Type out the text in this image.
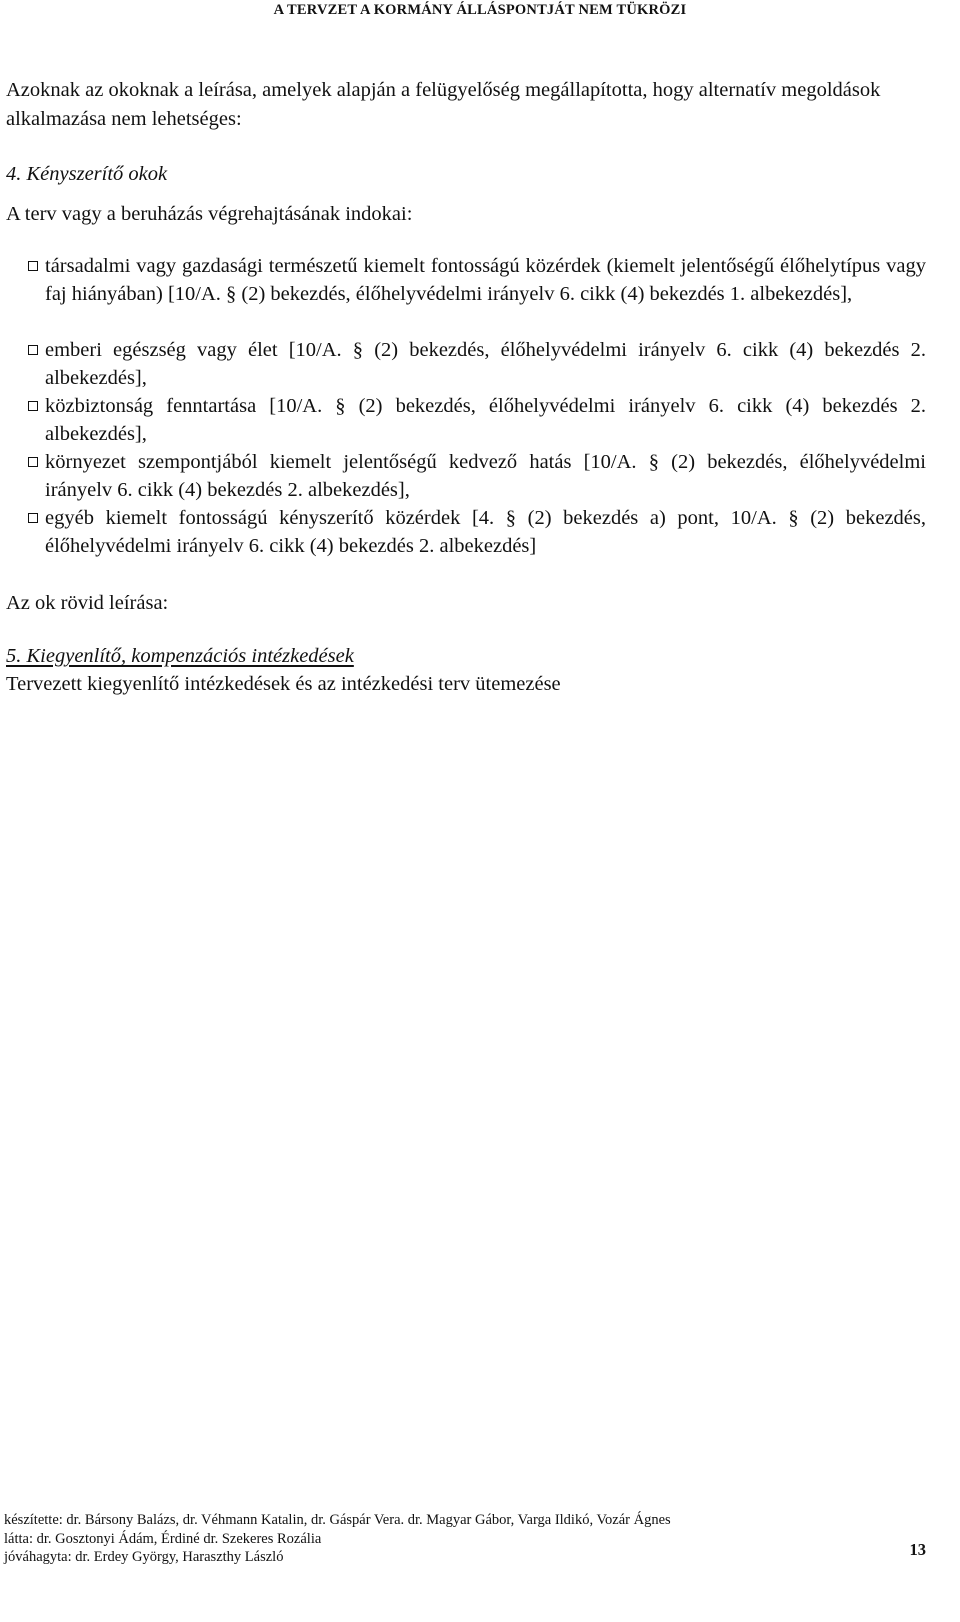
A TERVZET A KORMÁNY ÁLLÁSPONTJÁT NEM TÜKRÖZI

Azoknak az okoknak a leírása, amelyek alapján a felügyelőség megállapította, hogy alternatív megoldások alkalmazása nem lehetséges:

4. Kényszerítő okok

A terv vagy a beruházás végrehajtásának indokai:

társadalmi vagy gazdasági természetű kiemelt fontosságú közérdek (kiemelt jelentőségű élőhelytípus vagy faj hiányában) [10/A. § (2) bekezdés, élőhelyvédelmi irányelv 6. cikk (4) bekezdés 1. albekezdés],
emberi egészség vagy élet [10/A. § (2) bekezdés, élőhelyvédelmi irányelv 6. cikk (4) bekezdés 2. albekezdés],
közbiztonság fenntartása [10/A. § (2) bekezdés, élőhelyvédelmi irányelv 6. cikk (4) bekezdés 2. albekezdés],
környezet szempontjából kiemelt jelentőségű kedvező hatás [10/A. § (2) bekezdés, élőhelyvédelmi irányelv 6. cikk (4) bekezdés 2. albekezdés],
egyéb kiemelt fontosságú kényszerítő közérdek [4. § (2) bekezdés a) pont, 10/A. § (2) bekezdés, élőhelyvédelmi irányelv 6. cikk (4) bekezdés 2. albekezdés]

Az ok rövid leírása:

5. Kiegyenlítő, kompenzációs intézkedések

Tervezett kiegyenlítő intézkedések és az intézkedési terv ütemezése

készítette: dr. Bársony Balázs, dr. Véhmann Katalin, dr. Gáspár Vera. dr. Magyar Gábor, Varga Ildikó, Vozár Ágnes
látta: dr. Gosztonyi Ádám, Érdiné dr. Szekeres Rozália
jóváhagyta: dr. Erdey György, Haraszthy László	13
